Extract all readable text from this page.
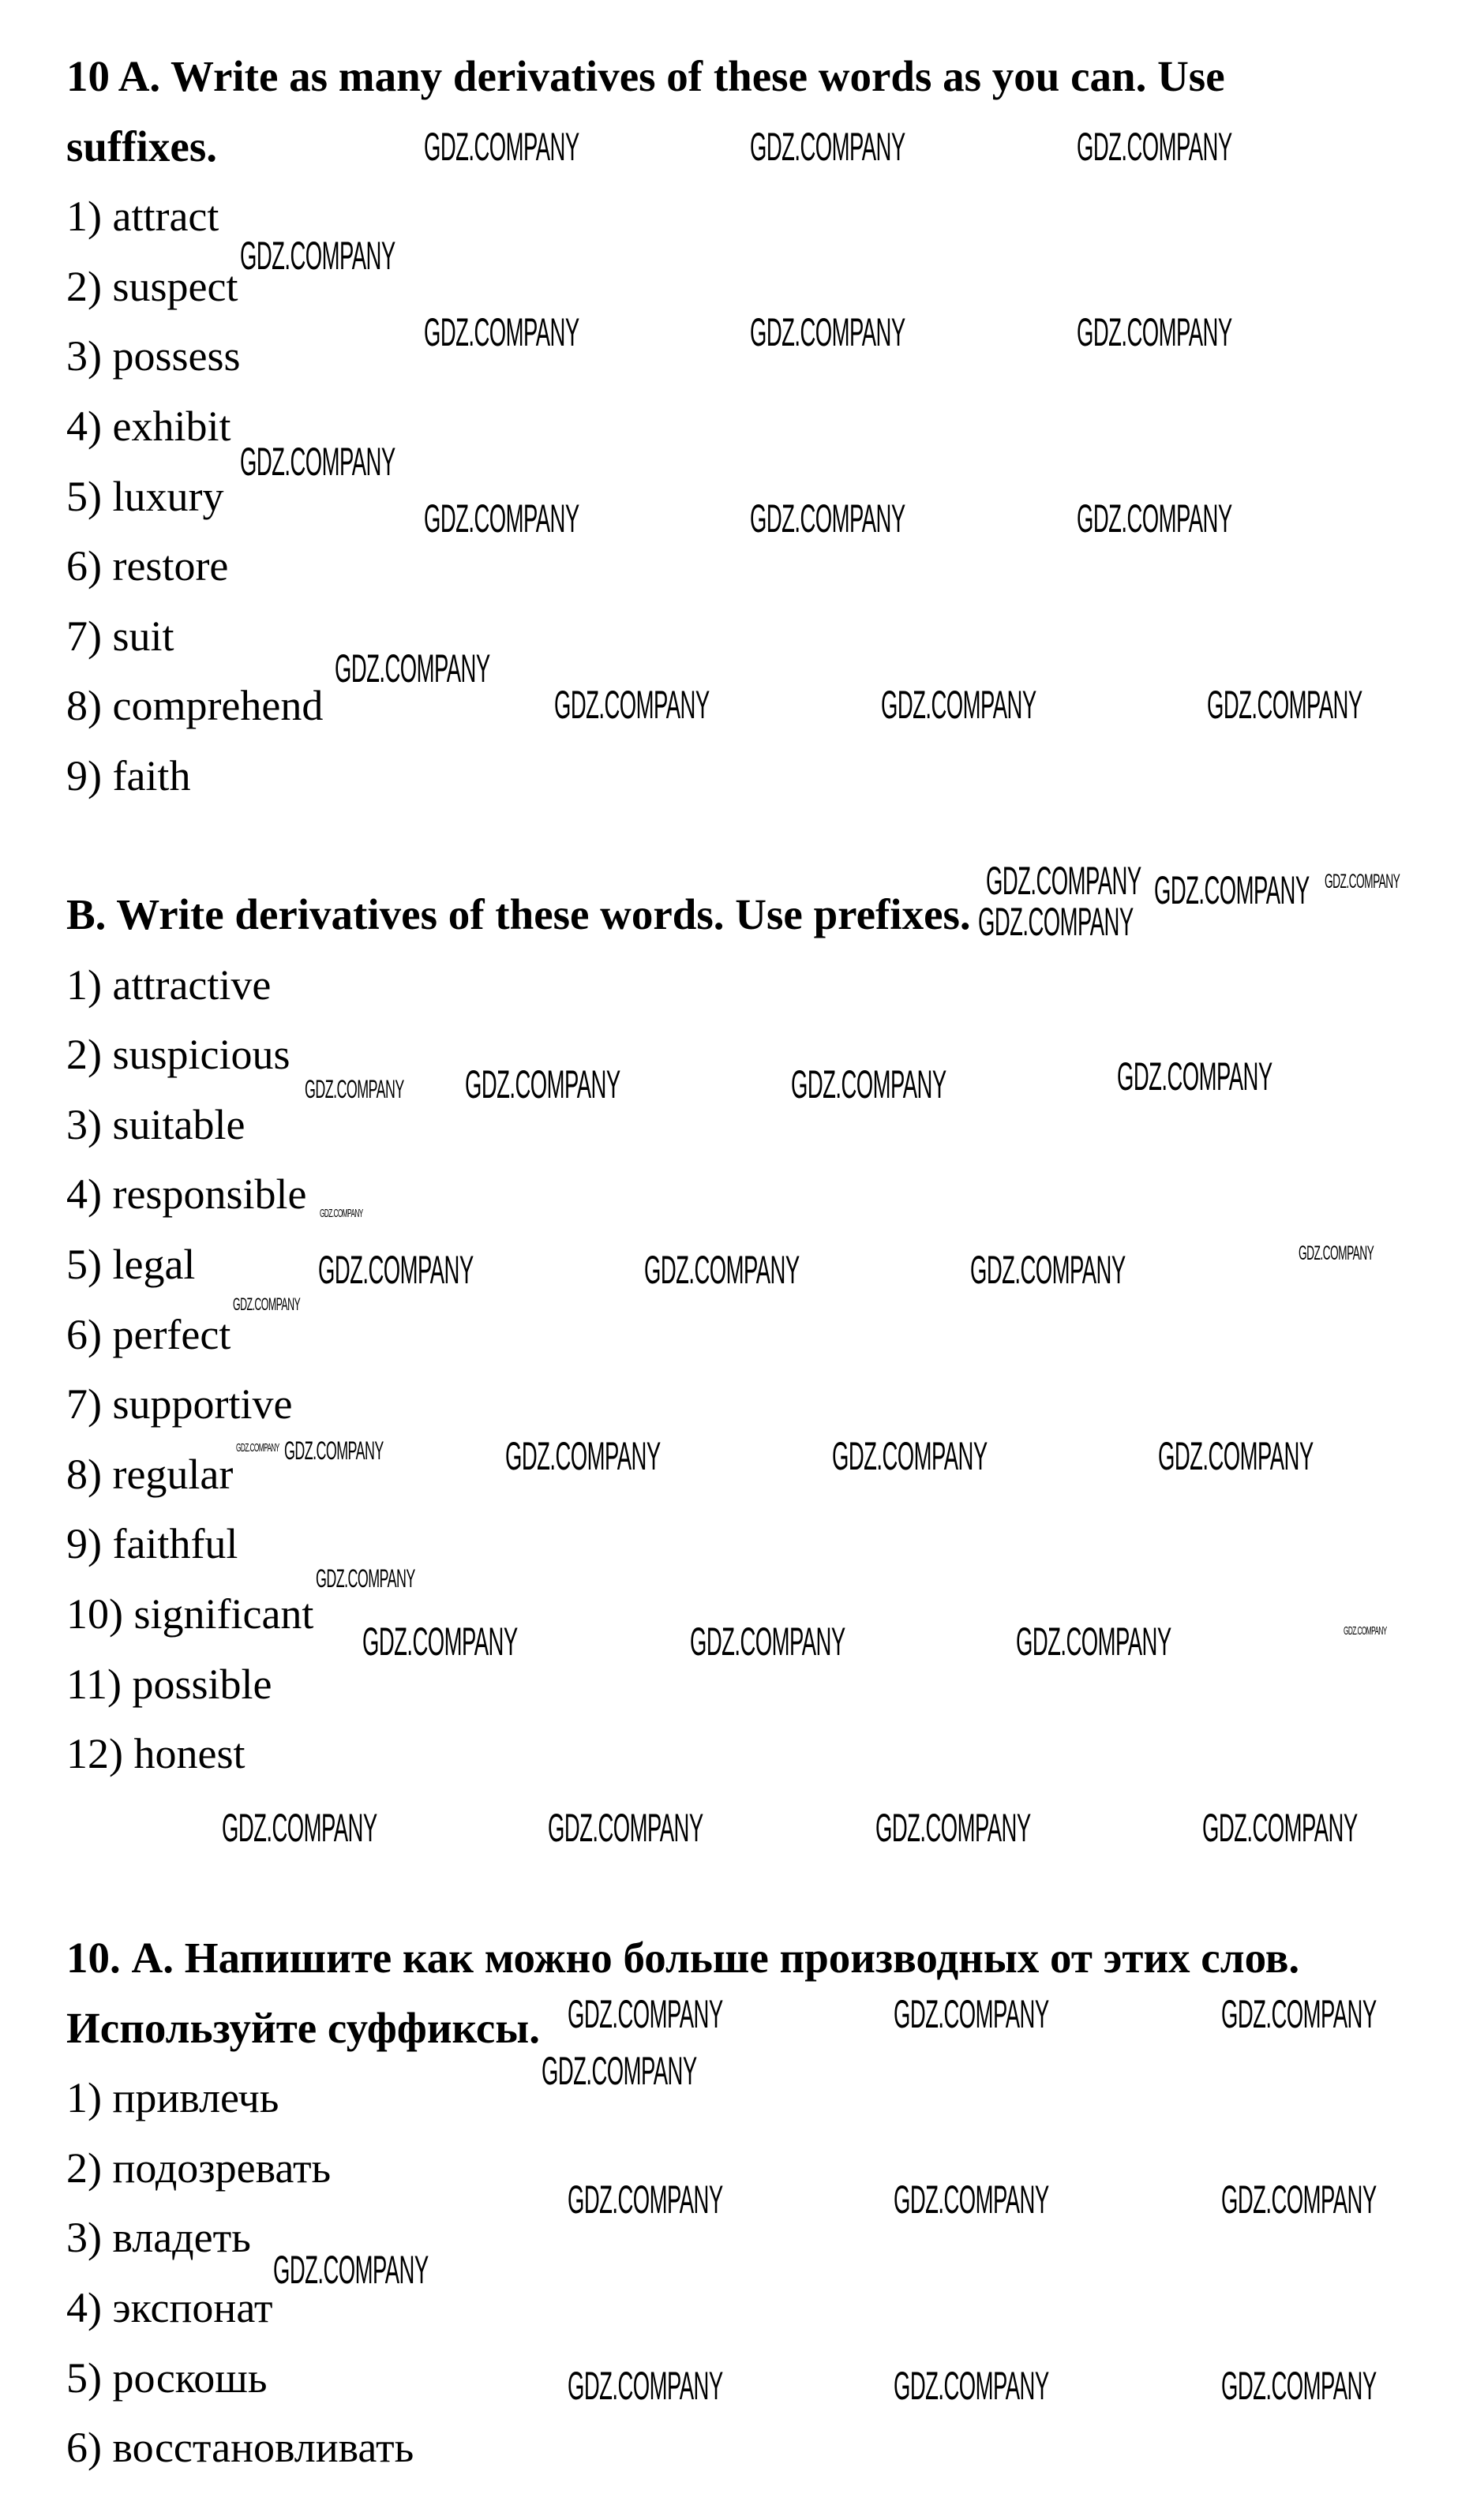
10 A. Write as many derivatives of these words as you can. Use
suffixes.
1) attract
2) suspect
3) possess
4) exhibit
5) luxury
6) restore
7) suit
8) comprehend
9) faith
B. Write derivatives of these words. Use prefixes.
1) attractive
2) suspicious
3) suitable
4) responsible
5) legal
6) perfect
7) supportive
8) regular
9) faithful
10) significant
11) possible
12) honest
10. А. Напишите как можно больше производных от этих слов.
Используйте суффиксы.
1) привлечь
2) подозревать
3) владеть
4) экспонат
5) роскошь
6) восстановливать
GDZ.COMPANY	GDZ.COMPANY	GDZ.COMPANY
GDZ.COMPANY
GDZ.COMPANY	GDZ.COMPANY	GDZ.COMPANY
GDZ.COMPANY
GDZ.COMPANY	GDZ.COMPANY	GDZ.COMPANY
GDZ.COMPANY
GDZ.COMPANY	GDZ.COMPANY	GDZ.COMPANY
GDZ.COMPANY GDZ.COMPANY
GDZ.COMPANY
GDZ.COMPANY
GDZ.COMPANY GDZ.COMPANY	GDZ.COMPANY	GDZ.COMPANY
GDZ.COMPANY
GDZ.COMPANY	GDZ.COMPANY	GDZ.COMPANY	GDZ.COMPANY
GDZ.COMPANY
GDZ.COMPANY GDZ.COMPANY	GDZ.COMPANY	GDZ.COMPANY	GDZ.COMPANY
GDZ.COMPANY
GDZ.COMPANY	GDZ.COMPANY	GDZ.COMPANY	GDZ.COMPANY
GDZ.COMPANY	GDZ.COMPANY	GDZ.COMPANY	GDZ.COMPANY
GDZ.COMPANY	GDZ.COMPANY	GDZ.COMPANY
GDZ.COMPANY
GDZ.COMPANY	GDZ.COMPANY	GDZ.COMPANY
GDZ.COMPANY
GDZ.COMPANY	GDZ.COMPANY	GDZ.COMPANY
